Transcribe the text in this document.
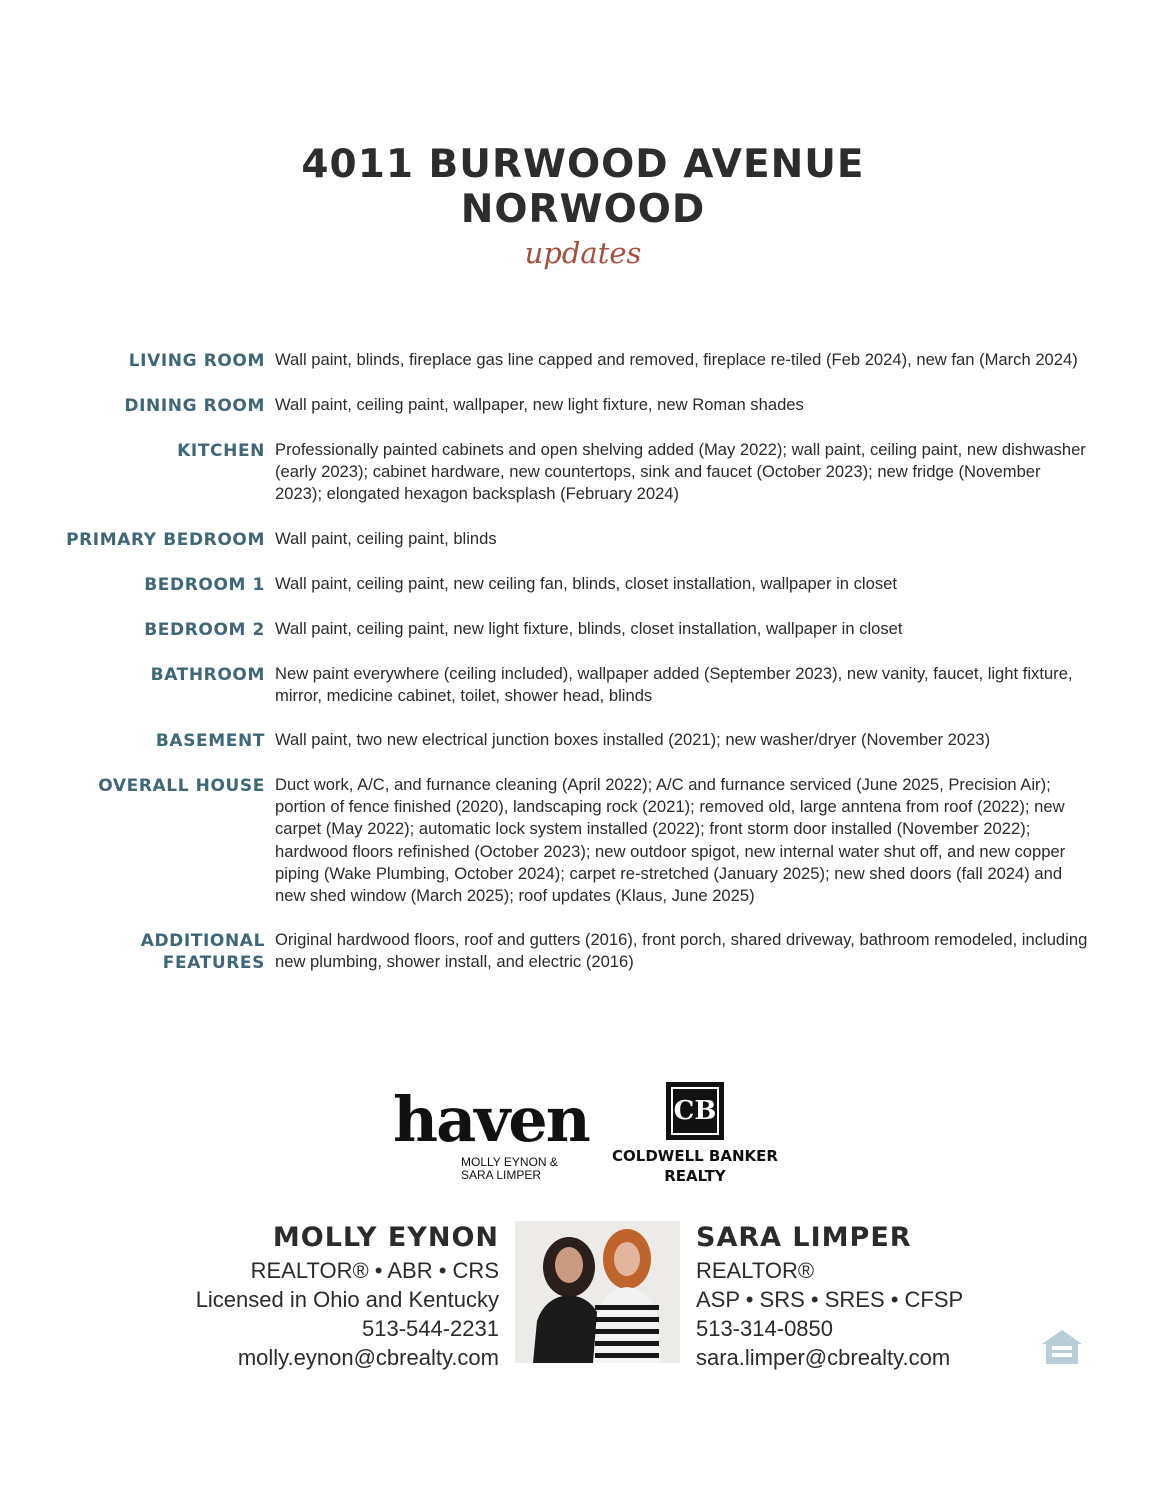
4011 BURWOOD AVENUE
NORWOOD
updates
LIVING ROOM Wall paint, blinds, fireplace gas line capped and removed, fireplace re-tiled (Feb 2024), new fan (March 2024)
DINING ROOM Wall paint, ceiling paint, wallpaper, new light fixture, new Roman shades
KITCHEN Professionally painted cabinets and open shelving added (May 2022); wall paint, ceiling paint, new dishwasher (early 2023); cabinet hardware, new countertops, sink and faucet (October 2023); new fridge (November 2023); elongated hexagon backsplash (February 2024)
PRIMARY BEDROOM Wall paint, ceiling paint, blinds
BEDROOM 1 Wall paint, ceiling paint, new ceiling fan, blinds, closet installation, wallpaper in closet
BEDROOM 2 Wall paint, ceiling paint, new light fixture, blinds, closet installation, wallpaper in closet
BATHROOM New paint everywhere (ceiling included), wallpaper added (September 2023), new vanity, faucet, light fixture, mirror, medicine cabinet, toilet, shower head, blinds
BASEMENT Wall paint, two new electrical junction boxes installed (2021); new washer/dryer (November 2023)
OVERALL HOUSE Duct work, A/C, and furnance cleaning (April 2022); A/C and furnance serviced (June 2025, Precision Air); portion of fence finished (2020), landscaping rock (2021); removed old, large anntena from roof (2022); new carpet (May 2022); automatic lock system installed (2022); front storm door installed (November 2022); hardwood floors refinished (October 2023); new outdoor spigot, new internal water shut off, and new copper piping (Wake Plumbing, October 2024); carpet re-stretched (January 2025); new shed doors (fall 2024) and new shed window (March 2025); roof updates (Klaus, June 2025)
ADDITIONAL
FEATURES
Original hardwood floors, roof and gutters (2016), front porch, shared driveway, bathroom remodeled, including new plumbing, shower install, and electric (2016)
haven
MOLLY EYNON &
SARA LIMPER
CB
COLDWELL BANKER
REALTY
MOLLY EYNON
REALTOR® • ABR • CRS
Licensed in Ohio and Kentucky
513-544-2231
molly.eynon@cbrealty.com
SARA LIMPER
REALTOR®
ASP • SRS • SRES • CFSP
513-314-0850
sara.limper@cbrealty.com
